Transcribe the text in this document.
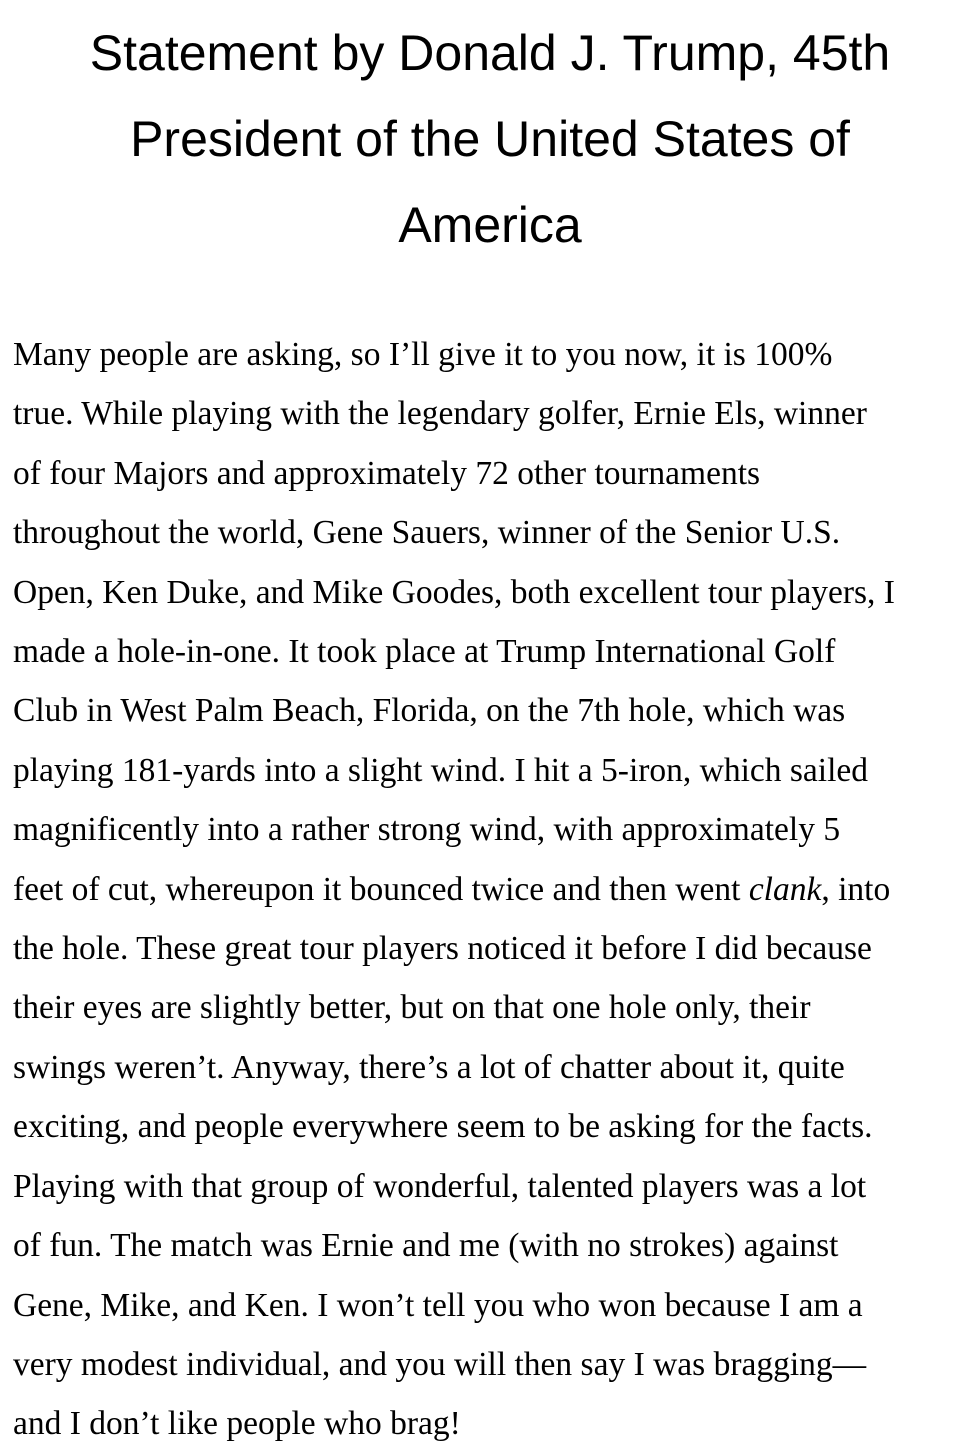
Statement by Donald J. Trump, 45th
President of the United States of
America
Many people are asking, so I’ll give it to you now, it is 100%
true. While playing with the legendary golfer, Ernie Els, winner
of four Majors and approximately 72 other tournaments
throughout the world, Gene Sauers, winner of the Senior U.S.
Open, Ken Duke, and Mike Goodes, both excellent tour players, I
made a hole-in-one. It took place at Trump International Golf
Club in West Palm Beach, Florida, on the 7th hole, which was
playing 181-yards into a slight wind. I hit a 5-iron, which sailed
magnificently into a rather strong wind, with approximately 5
feet of cut, whereupon it bounced twice and then went clank, into
the hole. These great tour players noticed it before I did because
their eyes are slightly better, but on that one hole only, their
swings weren’t. Anyway, there’s a lot of chatter about it, quite
exciting, and people everywhere seem to be asking for the facts.
Playing with that group of wonderful, talented players was a lot
of fun. The match was Ernie and me (with no strokes) against
Gene, Mike, and Ken. I won’t tell you who won because I am a
very modest individual, and you will then say I was bragging—
and I don’t like people who brag!
